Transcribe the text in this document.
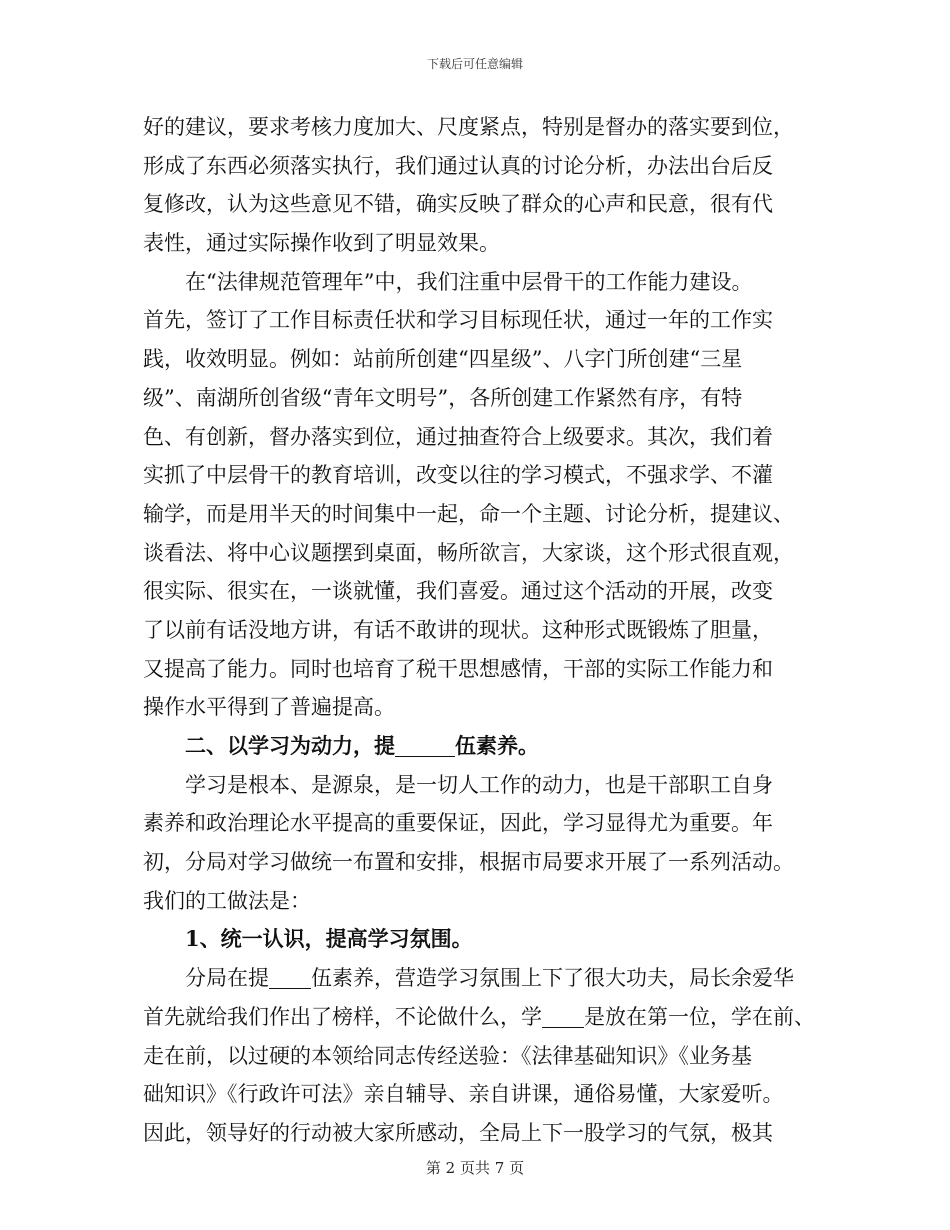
下载后可任意编辑
好的建议，要求考核力度加大、尺度紧点，特别是督办的落实要到位，
形成了东西必须落实执行，我们通过认真的讨论分析，办法出台后反
复修改，认为这些意见不错，确实反映了群众的心声和民意，很有代
表性，通过实际操作收到了明显效果。
在“法律规范管理年”中，我们注重中层骨干的工作能力建设。
首先，签订了工作目标责任状和学习目标现任状，通过一年的工作实
践，收效明显。例如：站前所创建“四星级”、八字门所创建“三星
级”、南湖所创省级“青年文明号”，各所创建工作紧然有序，有特
色、有创新，督办落实到位，通过抽查符合上级要求。其次，我们着
实抓了中层骨干的教育培训，改变以往的学习模式，不强求学、不灌
输学，而是用半天的时间集中一起，命一个主题、讨论分析，提建议、
谈看法、将中心议题摆到桌面，畅所欲言，大家谈，这个形式很直观，
很实际、很实在，一谈就懂，我们喜爱。通过这个活动的开展，改变
了以前有话没地方讲，有话不敢讲的现状。这种形式既锻炼了胆量，
又提高了能力。同时也培育了税干思想感情，干部的实际工作能力和
操作水平得到了普遍提高。
二、以学习为动力，提	伍素养。
学习是根本、是源泉，是一切人工作的动力，也是干部职工自身
素养和政治理论水平提高的重要保证，因此，学习显得尤为重要。年
初，分局对学习做统一布置和安排，根据市局要求开展了一系列活动。
我们的工做法是：
1、统一认识，提高学习氛围。
分局在提 伍素养，营造学习氛围上下了很大功夫，局长余爱华
首先就给我们作出了榜样，不论做什么，学 是放在第一位，学在前、
走在前，以过硬的本领给同志传经送验：《法律基础知识》《业务基
础知识》《行政许可法》亲自辅导、亲自讲课，通俗易懂，大家爱听。
因此，领导好的行动被大家所感动，全局上下一股学习的气氛，极其
第 2 页共 7 页
